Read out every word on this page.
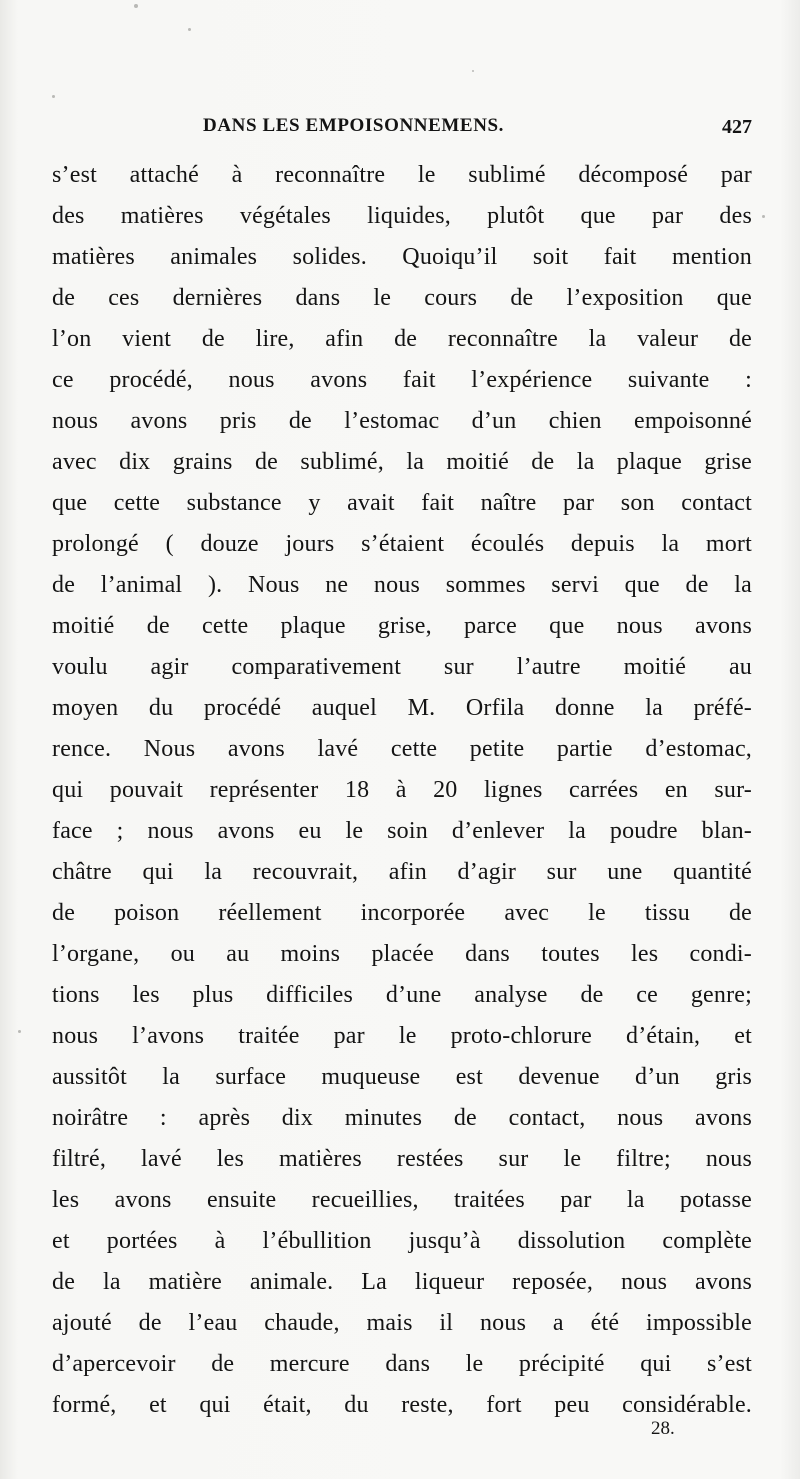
DANS LES EMPOISONNEMENS.	427
s’est attaché à reconnaître le sublimé décomposé par
des matières végétales liquides, plutôt que par des
matières animales solides. Quoiqu’il soit fait mention
de ces dernières dans le cours de l’exposition que
l’on vient de lire, afin de reconnaître la valeur de
ce procédé, nous avons fait l’expérience suivante :
nous avons pris de l’estomac d’un chien empoisonné
avec dix grains de sublimé, la moitié de la plaque grise
que cette substance y avait fait naître par son contact
prolongé ( douze jours s’étaient écoulés depuis la mort
de l’animal ). Nous ne nous sommes servi que de la
moitié de cette plaque grise, parce que nous avons
voulu agir comparativement sur l’autre moitié au
moyen du procédé auquel M. Orfila donne la préfé-
rence. Nous avons lavé cette petite partie d’estomac,
qui pouvait représenter 18 à 20 lignes carrées en sur-
face ; nous avons eu le soin d’enlever la poudre blan-
châtre qui la recouvrait, afin d’agir sur une quantité
de poison réellement incorporée avec le tissu de
l’organe, ou au moins placée dans toutes les condi-
tions les plus difficiles d’une analyse de ce genre;
nous l’avons traitée par le proto-chlorure d’étain, et
aussitôt la surface muqueuse est devenue d’un gris
noirâtre : après dix minutes de contact, nous avons
filtré, lavé les matières restées sur le filtre; nous
les avons ensuite recueillies, traitées par la potasse
et portées à l’ébullition jusqu’à dissolution complète
de la matière animale. La liqueur reposée, nous avons
ajouté de l’eau chaude, mais il nous a été impossible
d’apercevoir de mercure dans le précipité qui s’est
formé, et qui était, du reste, fort peu considérable.
28.
